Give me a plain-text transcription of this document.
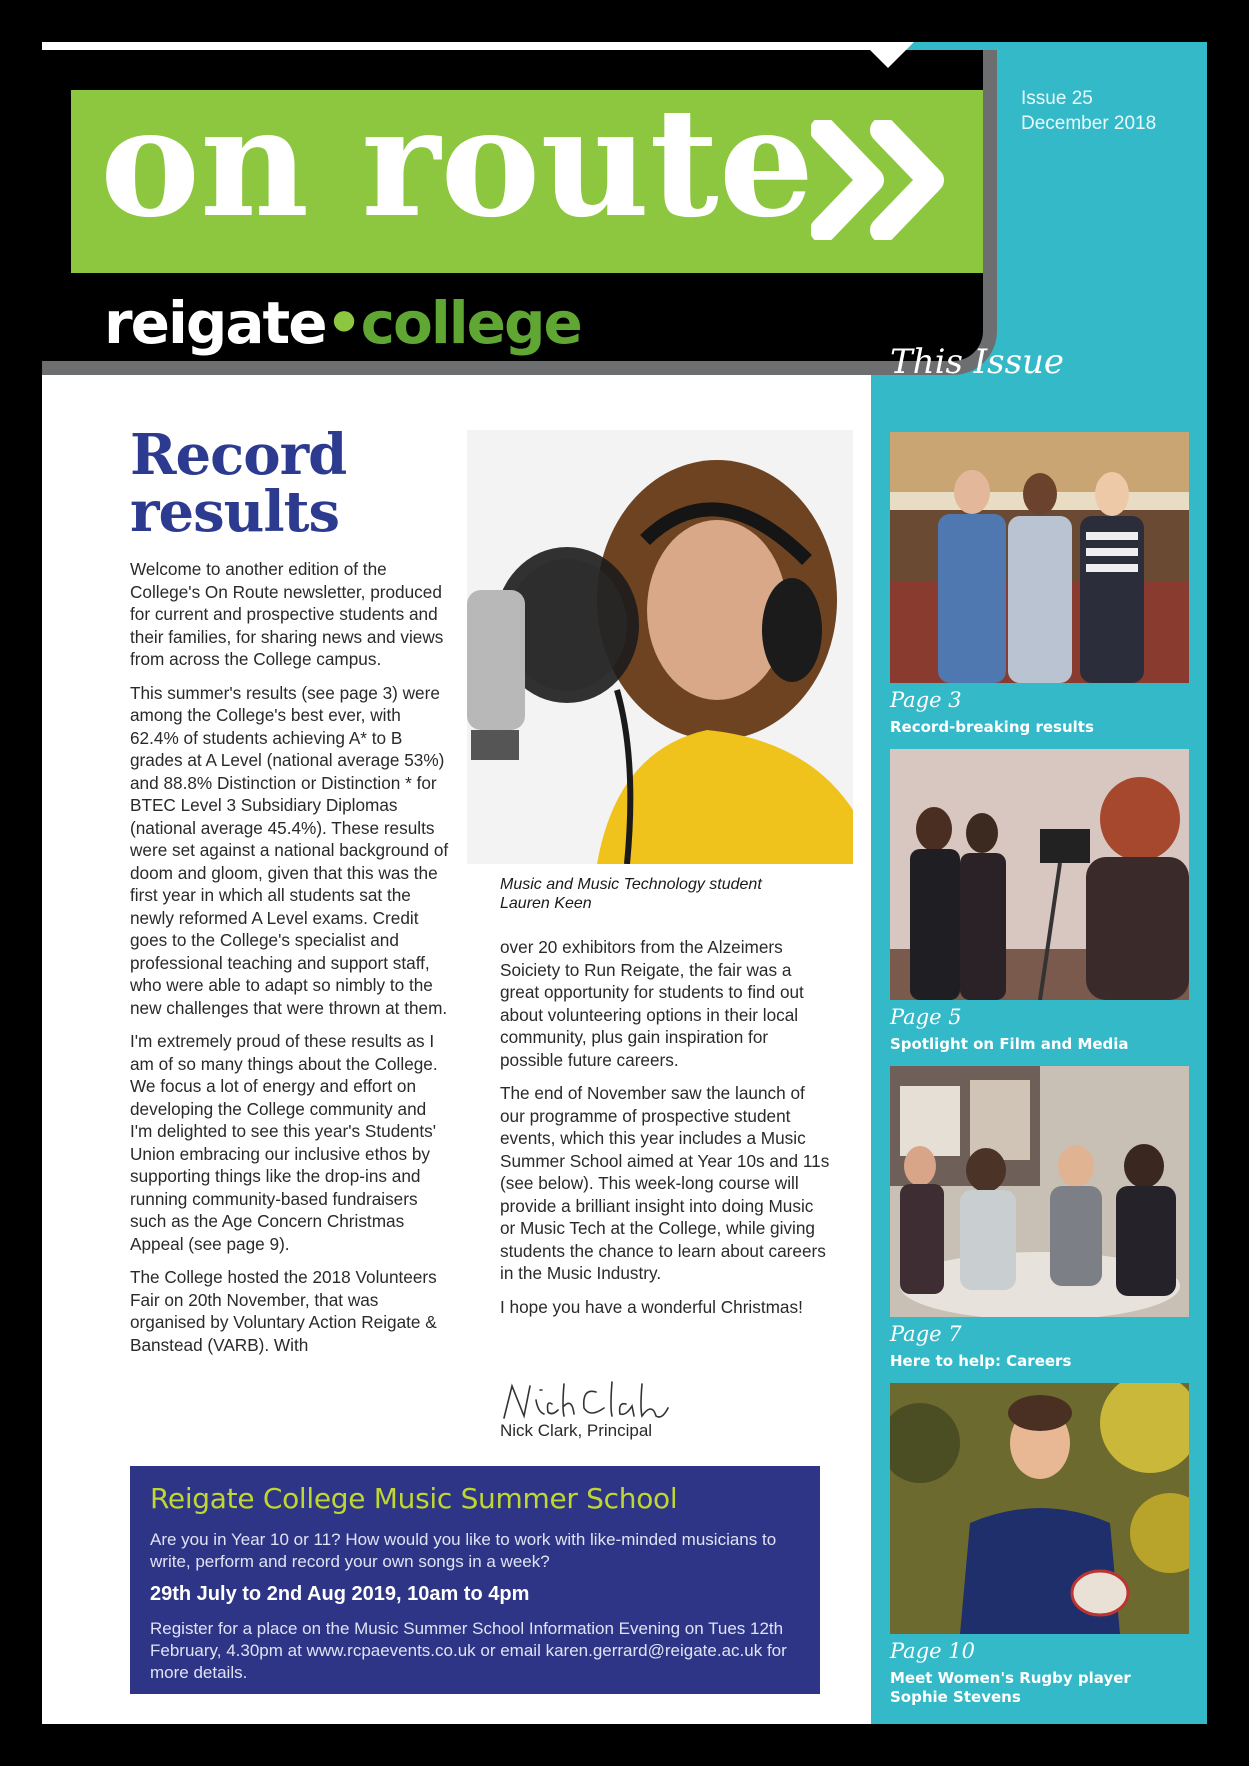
on route
reigate•college
Issue 25
December 2018
This Issue
Page 3
Record-breaking results
Page 5
Spotlight on Film and Media
Page 7
Here to help: Careers
Page 10
Meet Women's Rugby player Sophie Stevens
Record
results

Welcome to another edition of the College's On Route newsletter, produced for current and prospective students and their families, for sharing news and views from across the College campus.

This summer's results (see page 3) were among the College's best ever, with 62.4% of students achieving A* to B grades at A Level (national average 53%) and 88.8% Distinction or Distinction * for BTEC Level 3 Subsidiary Diplomas (national average 45.4%). These results were set against a national background of doom and gloom, given that this was the first year in which all students sat the newly reformed A Level exams. Credit goes to the College's specialist and professional teaching and support staff, who were able to adapt so nimbly to the new challenges that were thrown at them.

I'm extremely proud of these results as I am of so many things about the College. We focus a lot of energy and effort on developing the College community and I'm delighted to see this year's Students' Union embracing our inclusive ethos by supporting things like the drop-ins and running community-based fundraisers such as the Age Concern Christmas Appeal (see page 9).

The College hosted the 2018 Volunteers Fair on 20th November, that was organised by Voluntary Action Reigate & Banstead (VARB). With

Music and Music Technology student
Lauren Keen

over 20 exhibitors from the Alzeimers Soiciety to Run Reigate, the fair was a great opportunity for students to find out about volunteering options in their local community, plus gain inspiration for possible future careers.

The end of November saw the launch of our programme of prospective student events, which this year includes a Music Summer School aimed at Year 10s and 11s (see below). This week-long course will provide a brilliant insight into doing Music or Music Tech at the College, while giving students the chance to learn about careers in the Music Industry.

I hope you have a wonderful Christmas!

Nick Clark, Principal
Reigate College Music Summer School
Are you in Year 10 or 11? How would you like to work with like-minded musicians to write, perform and record your own songs in a week?
29th July to 2nd Aug 2019, 10am to 4pm
Register for a place on the Music Summer School Information Evening on Tues 12th February, 4.30pm at www.rcpaevents.co.uk or email karen.gerrard@reigate.ac.uk for more details.
